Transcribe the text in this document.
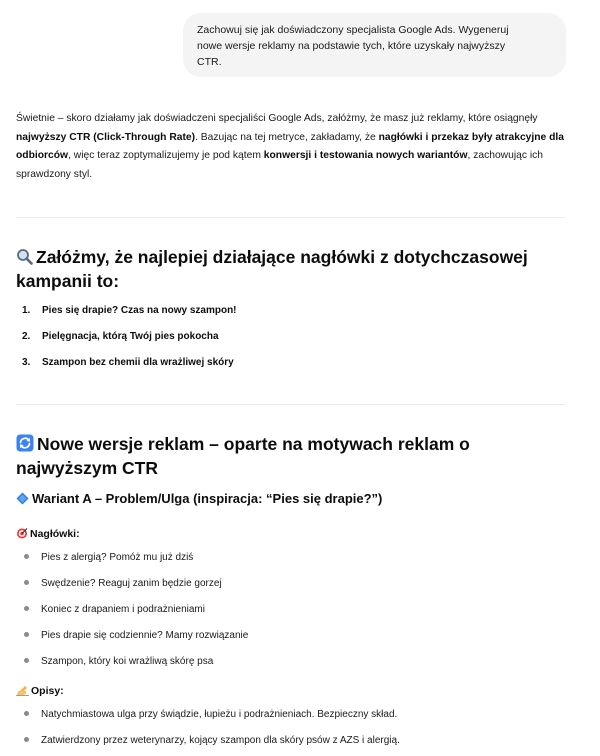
Zachowuj się jak doświadczony specjalista Google Ads. Wygeneruj
nowe wersje reklamy na podstawie tych, które uzyskały najwyższy
CTR.

Świetnie – skoro działamy jak doświadczeni specjaliści Google Ads, załóżmy, że masz już reklamy, które osiągnęły najwyższy CTR (Click-Through Rate). Bazując na tej metryce, zakładamy, że nagłówki i przekaz były atrakcyjne dla odbiorców, więc teraz zoptymalizujemy je pod kątem konwersji i testowania nowych wariantów, zachowując ich sprawdzony styl.

Załóżmy, że najlepiej działające nagłówki z dotychczasowej kampanii to:
1. Pies się drapie? Czas na nowy szampon!
2. Pielęgnacja, którą Twój pies pokocha
3. Szampon bez chemii dla wrażliwej skóry
Nowe wersje reklam – oparte na motywach reklam o najwyższym CTR
Wariant A – Problem/Ulga (inspiracja: “Pies się drapie?”)
Nagłówki:
Pies z alergią? Pomóż mu już dziś
Swędzenie? Reaguj zanim będzie gorzej
Koniec z drapaniem i podrażnieniami
Pies drapie się codziennie? Mamy rozwiązanie
Szampon, który koi wrażliwą skórę psa
Opisy:
Natychmiastowa ulga przy świądzie, łupieżu i podrażnieniach. Bezpieczny skład.
Zatwierdzony przez weterynarzy, kojący szampon dla skóry psów z AZS i alergią.
